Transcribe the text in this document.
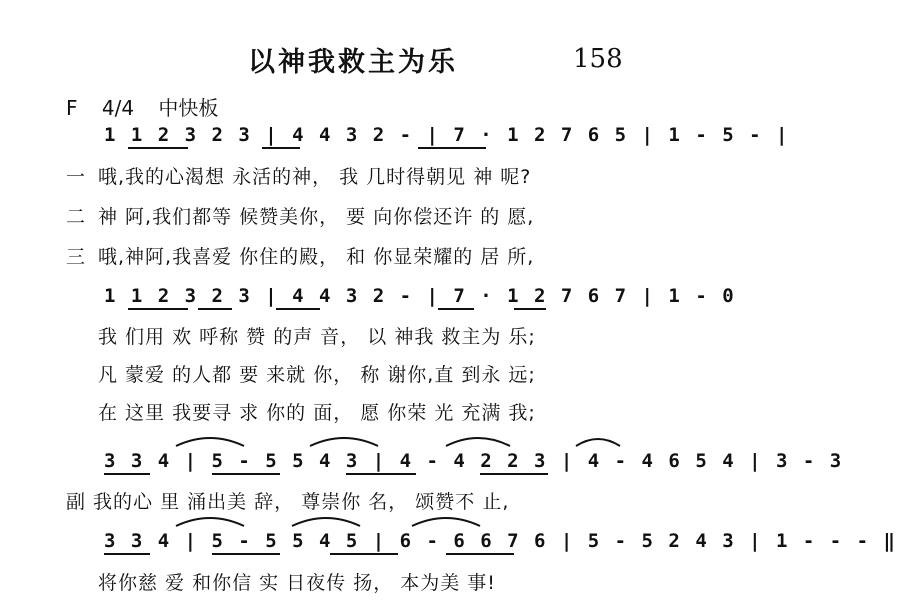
以神我救主为乐	158
F 4/4 中快板
1 1 2 3 2 3 | 4 4 3 2 - | 7 · 1 2 7 6 5 | 1 - 5 - |
一 哦,我的心渴想 永活的神， 我 几时得朝见 神 呢?
二 神 阿,我们都等 候赞美你， 要 向你偿还许 的 愿,
三 哦,神阿,我喜爱 你住的殿， 和 你显荣耀的 居 所,
1 1 2 3 2 3 | 4 4 3 2 - | 7 · 1 2 7 6 7 | 1 - 0
我 们用 欢 呼称 赞 的声 音， 以 神我 救主为 乐;
凡 蒙爱 的人都 要 来就 你， 称 谢你,直 到永 远;
在 这里 我要寻 求 你的 面， 愿 你荣 光 充满 我;
3 3 4 | 5 - 5 5 4 3 | 4 - 4 2 2 3 | 4 - 4 6 5 4 | 3 - 3
副 我的心 里 涌出美 辞， 尊崇你 名， 颂赞不 止,
3 3 4 | 5 - 5 5 4 5 | 6 - 6 6 7 6 | 5 - 5 2 4 3 | 1 - - - ‖
将你慈 爱 和你信 实 日夜传 扬， 本为美 事!
